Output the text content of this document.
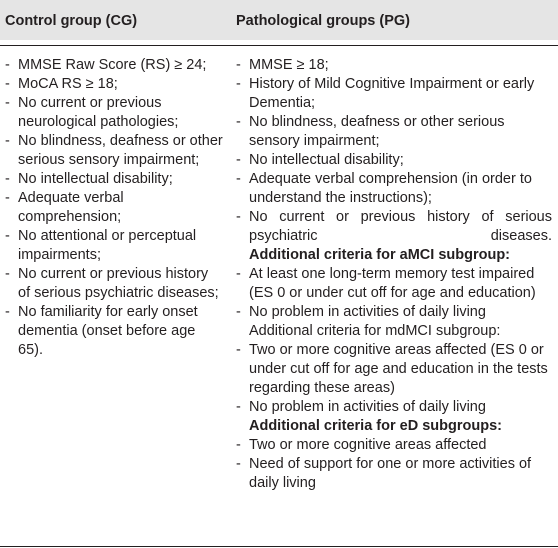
Control group (CG)	Pathological groups (PG)
- MMSE Raw Score (RS) ≥ 24;
- MoCA RS ≥ 18;
- No current or previous neurological pathologies;
- No blindness, deafness or other serious sensory impairment;
- No intellectual disability;
- Adequate verbal comprehension;
- No attentional or perceptual impairments;
- No current or previous history of serious psychiatric diseases;
- No familiarity for early onset dementia (onset before age 65).
- MMSE ≥ 18;
- History of Mild Cognitive Impairment or early Dementia;
- No blindness, deafness or other serious sensory impairment;
- No intellectual disability;
- Adequate verbal comprehension (in order to understand the instructions);
- No current or previous history of serious psychiatric diseases.
Additional criteria for aMCI subgroup:
- At least one long-term memory test impaired (ES 0 or under cut off for age and education)
- No problem in activities of daily living
Additional criteria for mdMCI subgroup:
- Two or more cognitive areas affected (ES 0 or under cut off for age and education in the tests regarding these areas)
- No problem in activities of daily living
Additional criteria for eD subgroups:
- Two or more cognitive areas affected
- Need of support for one or more activities of daily living
